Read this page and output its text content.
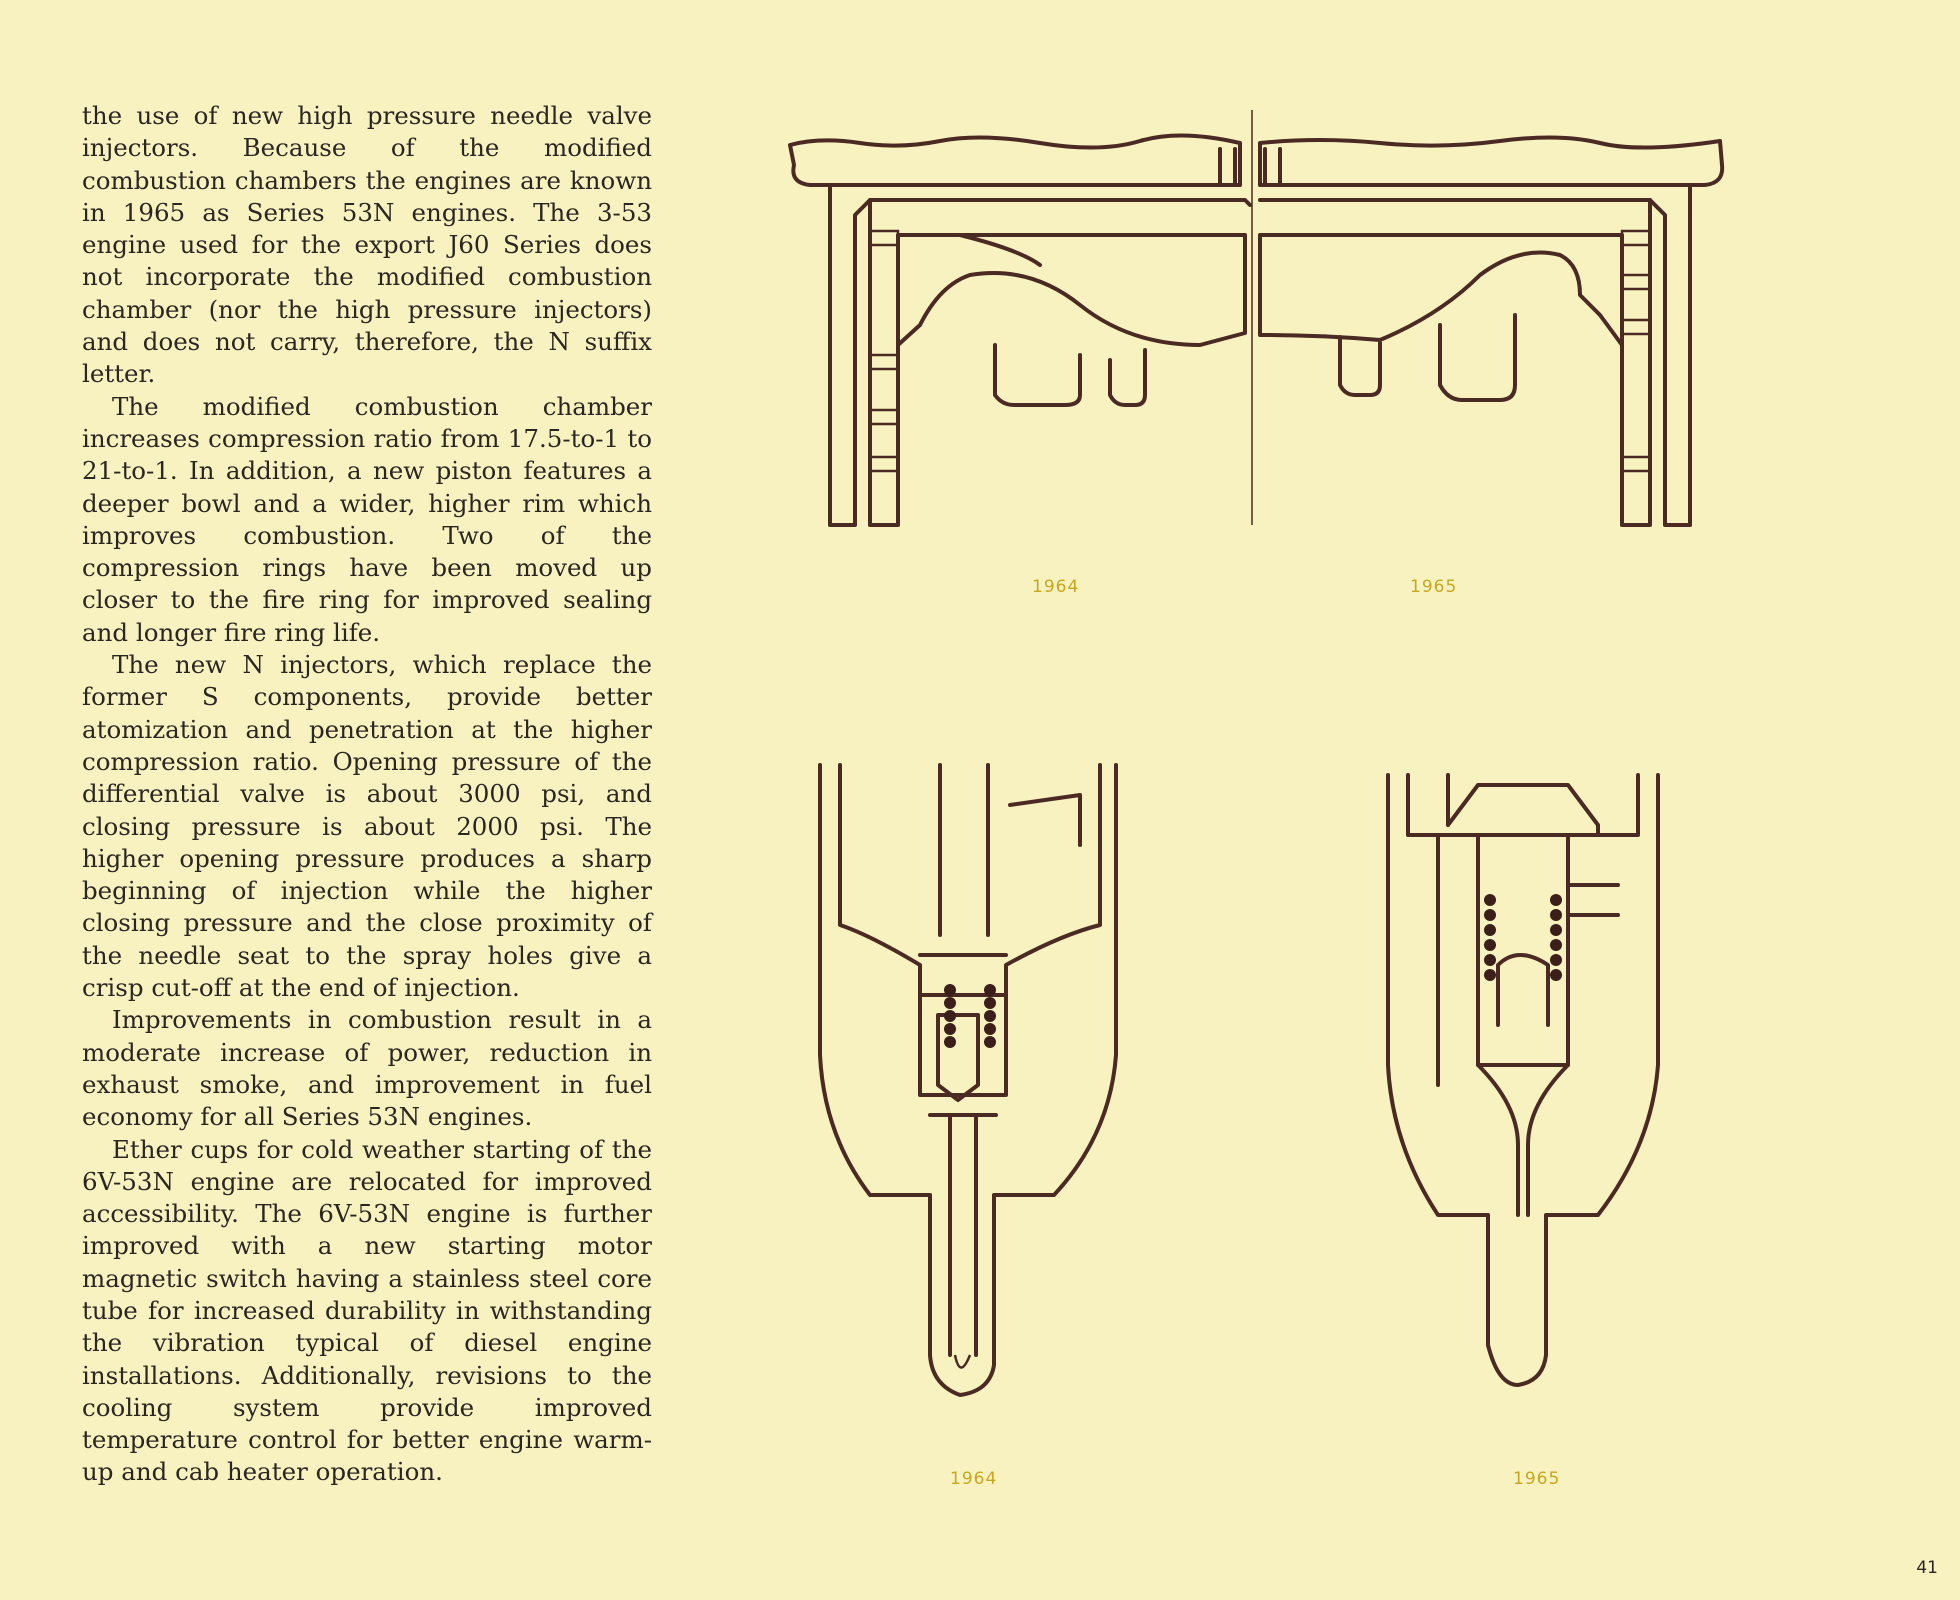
the use of new high pressure needle valve injectors. Because of the modified combustion chambers the engines are known in 1965 as Series 53N engines. The 3-53 engine used for the export J60 Series does not incorporate the modified combustion chamber (nor the high pressure injectors) and does not carry, therefore, the N suffix letter.

The modified combustion chamber increases compression ratio from 17.5-to-1 to 21-to-1. In addition, a new piston features a deeper bowl and a wider, higher rim which improves combustion. Two of the compression rings have been moved up closer to the fire ring for improved sealing and longer fire ring life.

The new N injectors, which replace the former S components, provide better atomization and penetration at the higher compression ratio. Opening pressure of the differential valve is about 3000 psi, and closing pressure is about 2000 psi. The higher opening pressure produces a sharp beginning of injection while the higher closing pressure and the close proximity of the needle seat to the spray holes give a crisp cut-off at the end of injection.

Improvements in combustion result in a moderate increase of power, reduction in exhaust smoke, and improvement in fuel economy for all Series 53N engines.

Ether cups for cold weather starting of the 6V-53N engine are relocated for improved accessibility. The 6V-53N engine is further improved with a new starting motor magnetic switch having a stainless steel core tube for increased durability in withstanding the vibration typical of diesel engine installations. Additionally, revisions to the cooling system provide improved temperature control for better engine warm-up and cab heater operation.

1964	1965
1964	1965
41
